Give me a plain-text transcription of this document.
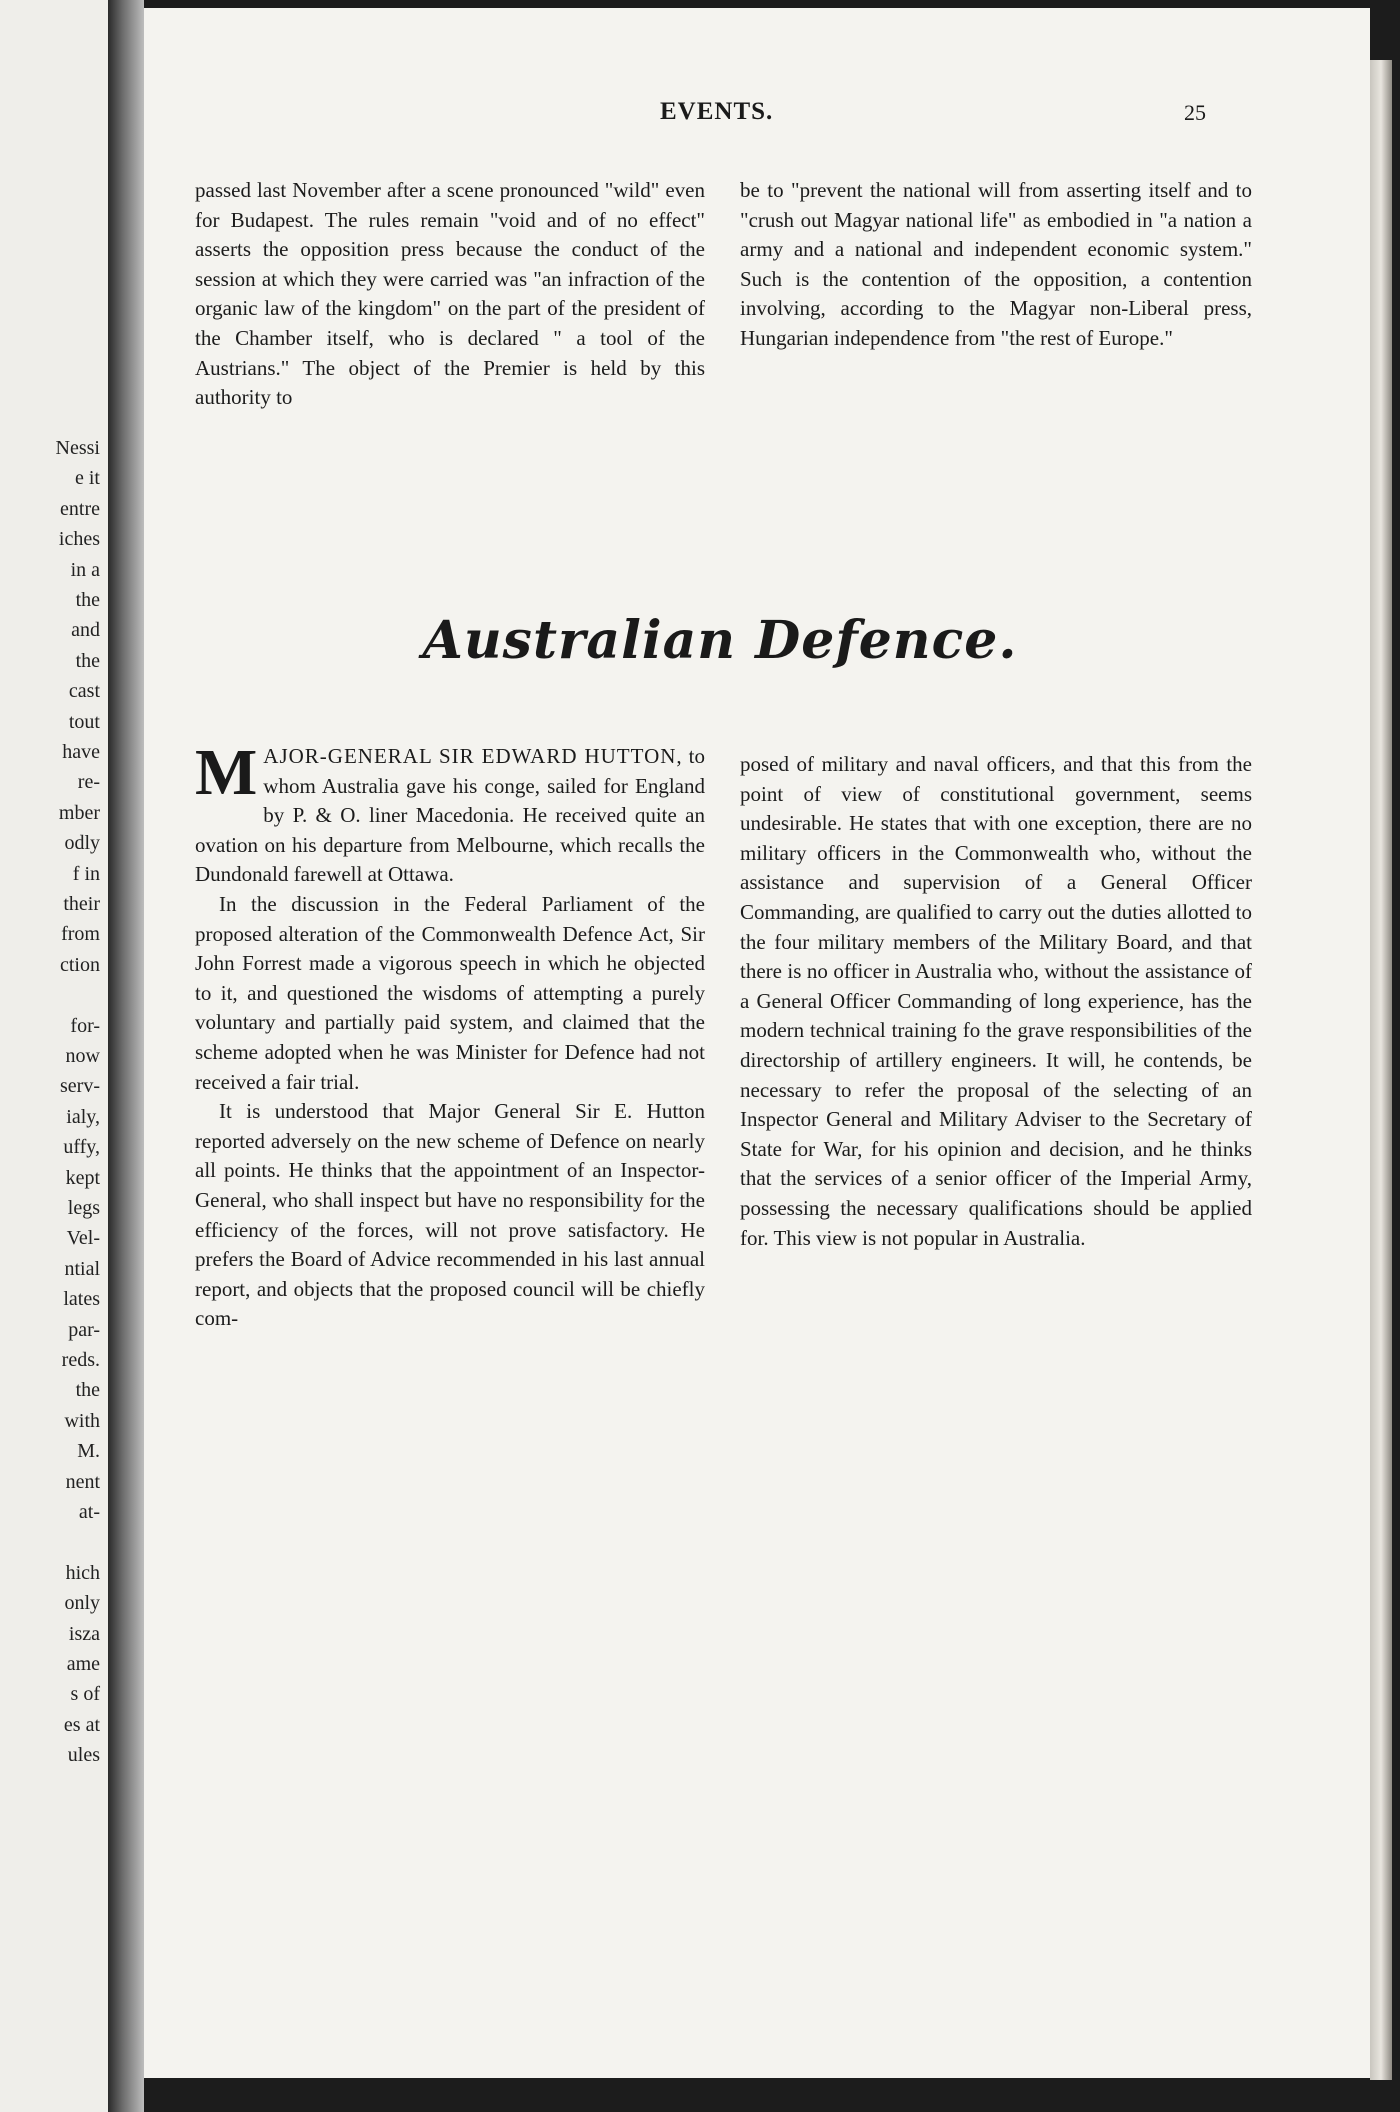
Nessi
e it
entre
iches
in a
the
and
the
cast
tout
have
re-
mber
odly
f in
their
from
ction
for-
now
serv-
ialy,
uffy,
kept
legs
Vel-
ntial
lates
par-
reds.
the
with
M.
nent
at-
hich
only
isza
ame
s of
es at
ules
EVENTS.	25

passed last November after a scene pronounced "wild" even for Budapest. The rules remain "void and of no effect" asserts the opposition press because the conduct of the session at which they were carried was "an infraction of the organic law of the kingdom" on the part of the president of the Chamber itself, who is declared " a tool of the Austrians." The object of the Premier is held by this authority to

be to "prevent the national will from asserting itself and to "crush out Magyar national life" as embodied in "a nation a army and a national and independent economic system." Such is the contention of the opposition, a contention involving, according to the Magyar non-Liberal press, Hungarian independence from "the rest of Europe."

Australian Defence.

MAJOR-GENERAL SIR EDWARD HUTTON, to whom Australia gave his conge, sailed for England by P. & O. liner Macedonia. He received quite an ovation on his departure from Melbourne, which recalls the Dundonald farewell at Ottawa.

In the discussion in the Federal Parliament of the proposed alteration of the Commonwealth Defence Act, Sir John Forrest made a vigorous speech in which he objected to it, and questioned the wisdoms of attempting a purely voluntary and partially paid system, and claimed that the scheme adopted when he was Minister for Defence had not received a fair trial.

It is understood that Major General Sir E. Hutton reported adversely on the new scheme of Defence on nearly all points. He thinks that the appointment of an Inspector-General, who shall inspect but have no responsibility for the efficiency of the forces, will not prove satisfactory. He prefers the Board of Advice recommended in his last annual report, and objects that the proposed council will be chiefly com-

posed of military and naval officers, and that this from the point of view of constitutional government, seems undesirable. He states that with one exception, there are no military officers in the Commonwealth who, without the assistance and supervision of a General Officer Commanding, are qualified to carry out the duties allotted to the four military members of the Military Board, and that there is no officer in Australia who, without the assistance of a General Officer Commanding of long experience, has the modern technical training fo the grave responsibilities of the directorship of artillery engineers. It will, he contends, be necessary to refer the proposal of the selecting of an Inspector General and Military Adviser to the Secretary of State for War, for his opinion and decision, and he thinks that the services of a senior officer of the Imperial Army, possessing the necessary qualifications should be applied for. This view is not popular in Australia.
